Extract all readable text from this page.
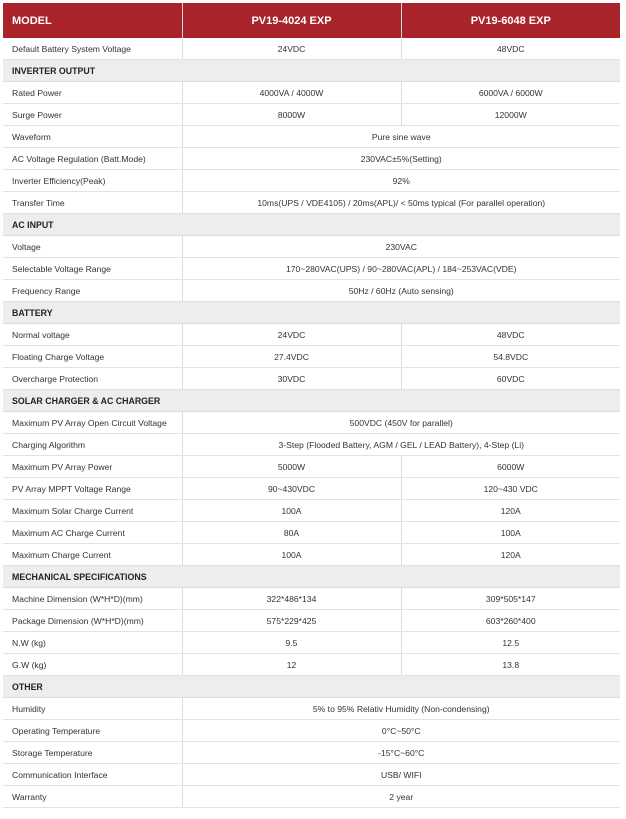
MODEL	PV19-4024 EXP	PV19-6048 EXP
Default Battery System Voltage	24VDC	48VDC
INVERTER OUTPUT		
Rated Power	4000VA / 4000W	6000VA / 6000W
Surge Power	8000W	12000W
Waveform	Pure sine wave	
AC Voltage Regulation (Batt.Mode)	230VAC±5%(Setting)	
Inverter Efficiency(Peak)	92%	
Transfer Time	10ms(UPS / VDE4105) / 20ms(APL)/ < 50ms typical (For parallel operation)	
AC INPUT		
Voltage	230VAC	
Selectable Voltage Range	170~280VAC(UPS) / 90~280VAC(APL) / 184~253VAC(VDE)	
Frequency Range	50Hz / 60Hz (Auto sensing)	
BATTERY		
Normal voltage	24VDC	48VDC
Floating Charge Voltage	27.4VDC	54.8VDC
Overcharge Protection	30VDC	60VDC
SOLAR CHARGER & AC CHARGER		
Maximum PV Array Open Circuit Voltage	500VDC (450V for parallel)	
Charging Algorithm	3-Step (Flooded Battery, AGM / GEL / LEAD Battery), 4-Step (Li)	
Maximum PV Array Power	5000W	6000W
PV Array MPPT Voltage Range	90~430VDC	120~430 VDC
Maximum Solar Charge Current	100A	120A
Maximum AC Charge Current	80A	100A
Maximum Charge Current	100A	120A
MECHANICAL SPECIFICATIONS		
Machine Dimension (W*H*D)(mm)	322*486*134	309*505*147
Package Dimension (W*H*D)(mm)	575*229*425	603*260*400
N.W (kg)	9.5	12.5
G.W (kg)	12	13.8
OTHER		
Humidity	5% to 95% Relativ Humidity (Non-condensing)	
Operating Temperature	0°C~50°C	
Storage Temperature	-15°C~60°C	
Communication Interface	USB/ WIFI	
Warranty	2 year	
